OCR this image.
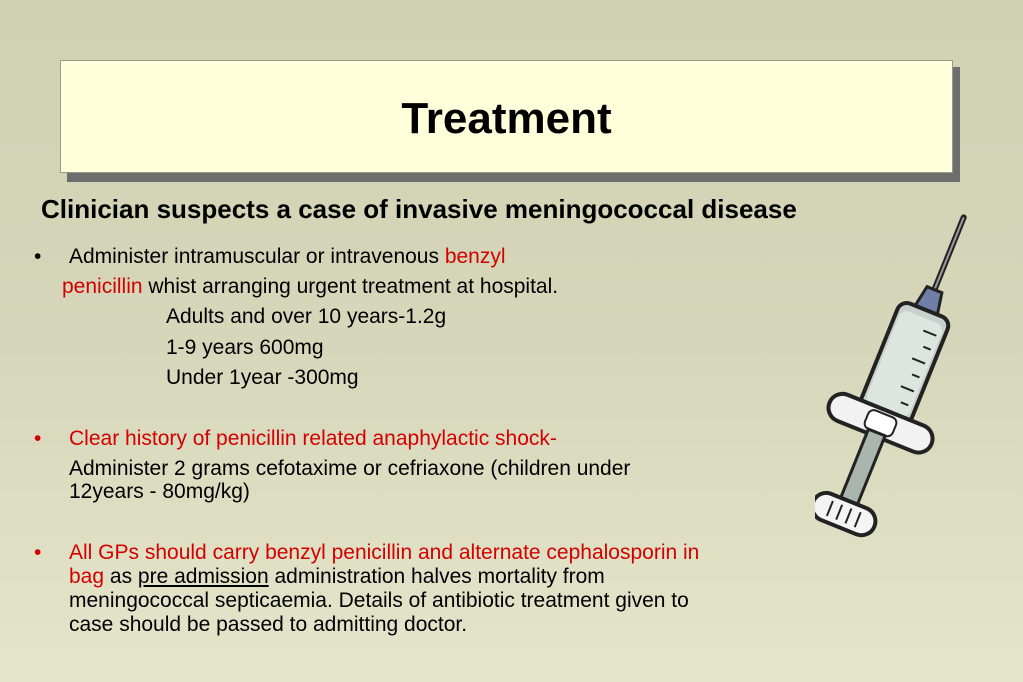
Treatment
Clinician suspects a case of invasive meningococcal disease
• Administer intramuscular or intravenous benzyl
penicillin whist arranging urgent treatment at hospital.
Adults and over 10 years-1.2g
1-9 years 600mg
Under 1year -300mg
• Clear history of penicillin related anaphylactic shock-
Administer 2 grams cefotaxime or cefriaxone (children under
12years - 80mg/kg)
• All GPs should carry benzyl penicillin and alternate cephalosporin in
bag as pre admission administration halves mortality from
meningococcal septicaemia. Details of antibiotic treatment given to
case should be passed to admitting doctor.
